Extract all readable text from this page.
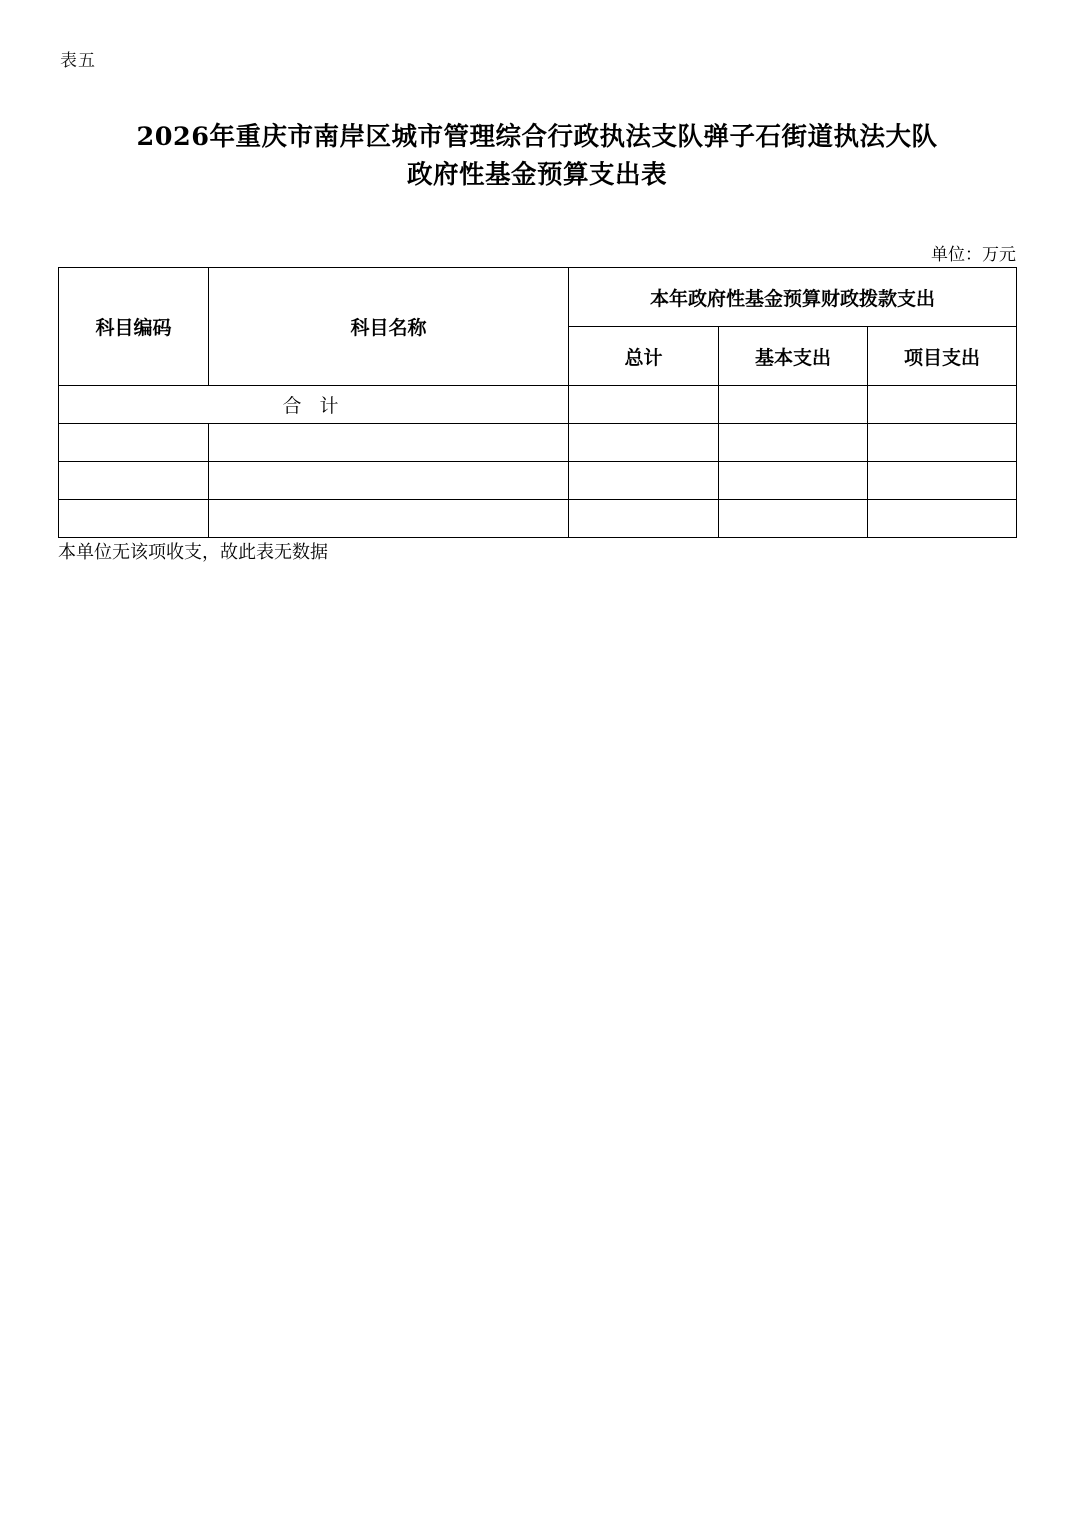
表五
2026年重庆市南岸区城市管理综合行政执法支队弹子石街道执法大队
政府性基金预算支出表
单位：万元
科目编码	科目名称	本年政府性基金预算财政拨款支出		
		总计	基本支出	项目支出
合 计				

本单位无该项收支，故此表无数据
